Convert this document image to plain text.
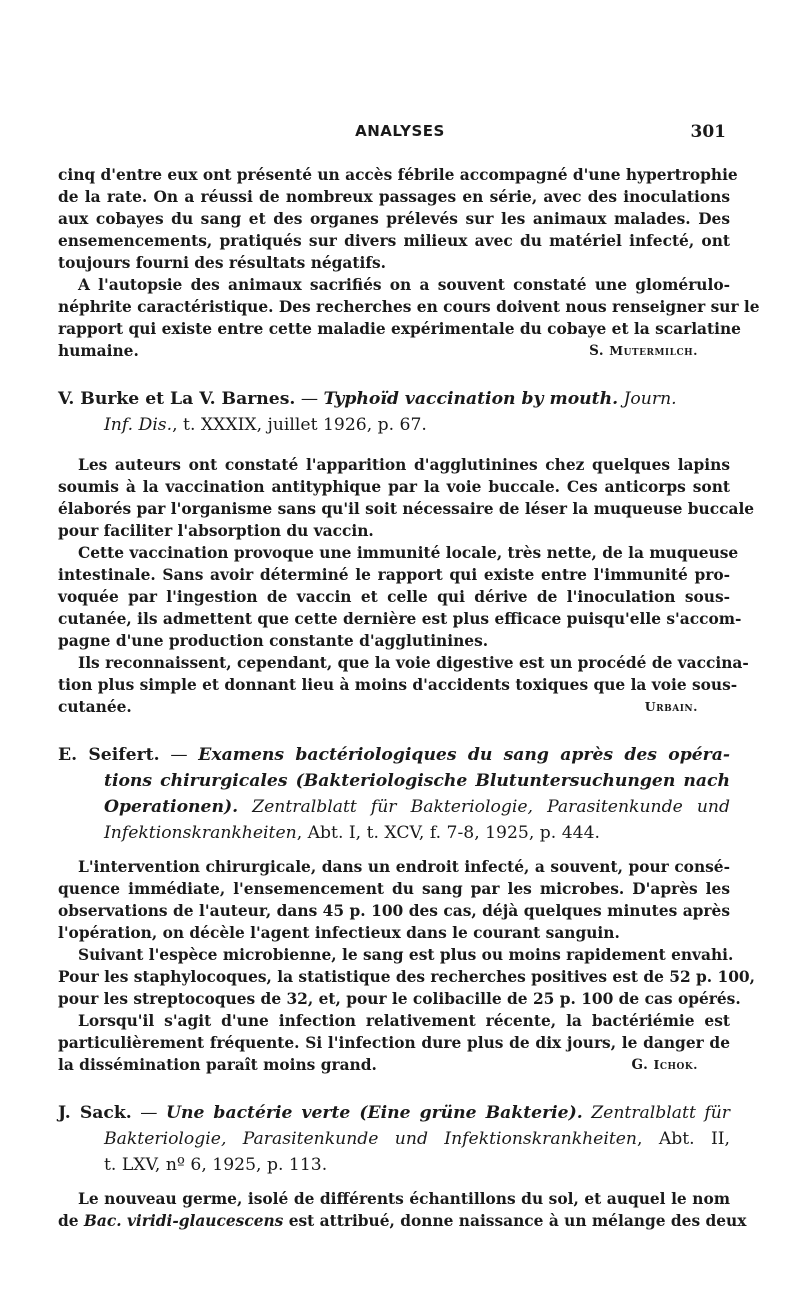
ANALYSES	301
cinq d'entre eux ont présenté un accès fébrile accompagné d'une hypertrophie
de la rate. On a réussi de nombreux passages en série, avec des inoculations
aux cobayes du sang et des organes prélevés sur les animaux malades. Des
ensemencements, pratiqués sur divers milieux avec du matériel infecté, ont
toujours fourni des résultats négatifs.
A l'autopsie des animaux sacrifiés on a souvent constaté une glomérulo-
néphrite caractéristique. Des recherches en cours doivent nous renseigner sur le
rapport qui existe entre cette maladie expérimentale du cobaye et la scarlatine
humaine.	S. Mutermilch.
V. Burke et La V. Barnes. — Typhoïd vaccination by mouth. Journ.
Inf. Dis., t. XXXIX, juillet 1926, p. 67.
Les auteurs ont constaté l'apparition d'agglutinines chez quelques lapins
soumis à la vaccination antityphique par la voie buccale. Ces anticorps sont
élaborés par l'organisme sans qu'il soit nécessaire de léser la muqueuse buccale
pour faciliter l'absorption du vaccin.
Cette vaccination provoque une immunité locale, très nette, de la muqueuse
intestinale. Sans avoir déterminé le rapport qui existe entre l'immunité pro-
voquée par l'ingestion de vaccin et celle qui dérive de l'inoculation sous-
cutanée, ils admettent que cette dernière est plus efficace puisqu'elle s'accom-
pagne d'une production constante d'agglutinines.
Ils reconnaissent, cependant, que la voie digestive est un procédé de vaccina-
tion plus simple et donnant lieu à moins d'accidents toxiques que la voie sous-
cutanée.	Urbain.
E. Seifert. — Examens bactériologiques du sang après des opéra-
tions chirurgicales (Bakteriologische Blutuntersuchungen nach
Operationen). Zentralblatt für Bakteriologie, Parasitenkunde und
Infektionskrankheiten, Abt. I, t. XCV, f. 7-8, 1925, p. 444.
L'intervention chirurgicale, dans un endroit infecté, a souvent, pour consé-
quence immédiate, l'ensemencement du sang par les microbes. D'après les
observations de l'auteur, dans 45 p. 100 des cas, déjà quelques minutes après
l'opération, on décèle l'agent infectieux dans le courant sanguin.
Suivant l'espèce microbienne, le sang est plus ou moins rapidement envahi.
Pour les staphylocoques, la statistique des recherches positives est de 52 p. 100,
pour les streptocoques de 32, et, pour le colibacille de 25 p. 100 de cas opérés.
Lorsqu'il s'agit d'une infection relativement récente, la bactériémie est
particulièrement fréquente. Si l'infection dure plus de dix jours, le danger de
la dissémination paraît moins grand.	G. Ichok.
J. Sack. — Une bactérie verte (Eine grüne Bakterie). Zentralblatt für
Bakteriologie, Parasitenkunde und Infektionskrankheiten, Abt. II,
t. LXV, nº 6, 1925, p. 113.
Le nouveau germe, isolé de différents échantillons du sol, et auquel le nom
de Bac. viridi-glaucescens est attribué, donne naissance à un mélange des deux
